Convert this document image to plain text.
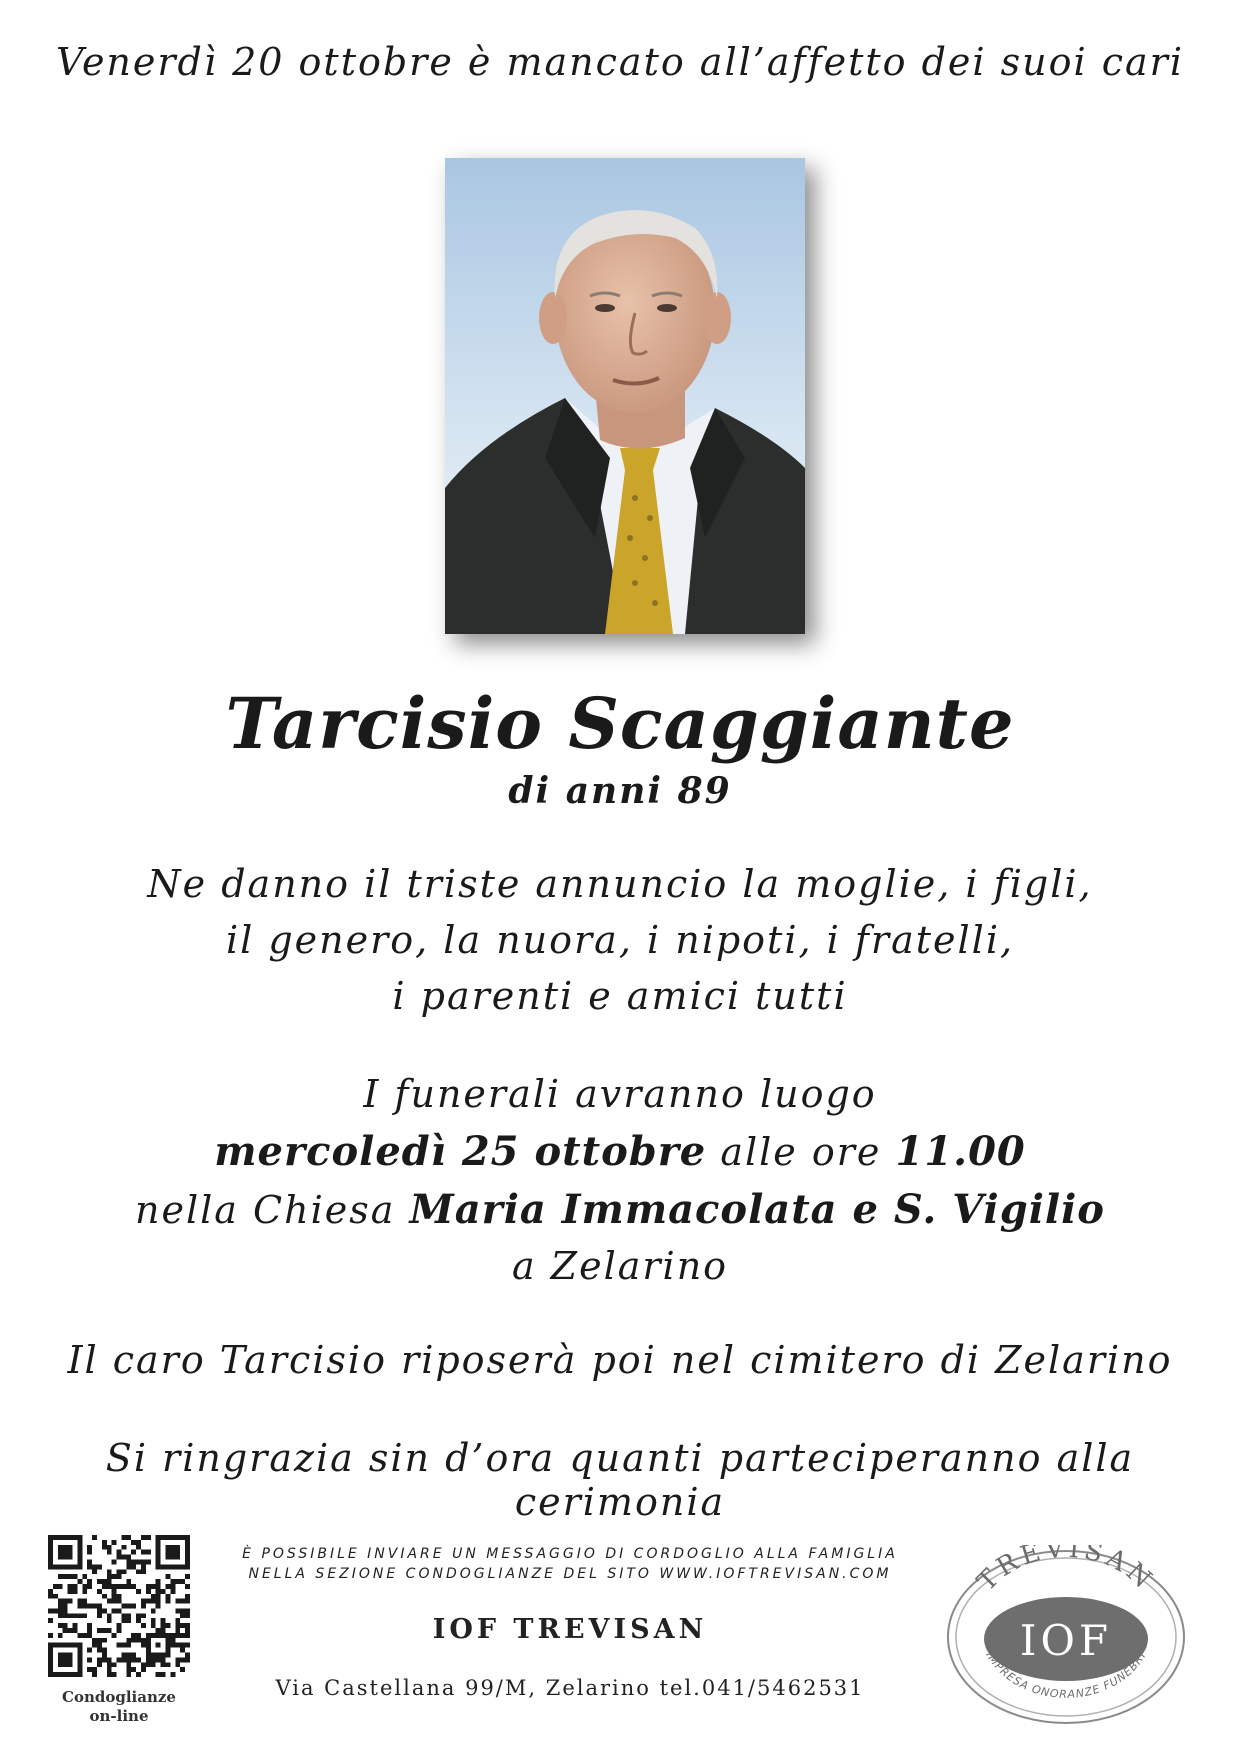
Venerdì 20 ottobre è mancato all’affetto dei suoi cari
Tarcisio Scaggiante
di anni 89
Ne danno il triste annuncio la moglie, i figli,
il genero, la nuora, i nipoti, i fratelli,
i parenti e amici tutti
I funerali avranno luogo
mercoledì 25 ottobre alle ore 11.00
nella Chiesa Maria Immacolata e S. Vigilio
a Zelarino
Il caro Tarcisio riposerà poi nel cimitero di Zelarino
Si ringrazia sin d’ora quanti parteciperanno alla cerimonia
Condoglianze
on-line
È POSSIBILE INVIARE UN MESSAGGIO DI CORDOGLIO ALLA FAMIGLIA
NELLA SEZIONE CONDOGLIANZE DEL SITO WWW.IOFTREVISAN.COM
IOF TREVISAN
Via Castellana 99/M, Zelarino tel.041/5462531
TREVISAN
IOF
IMPRESA ONORANZE FUNEBRI
